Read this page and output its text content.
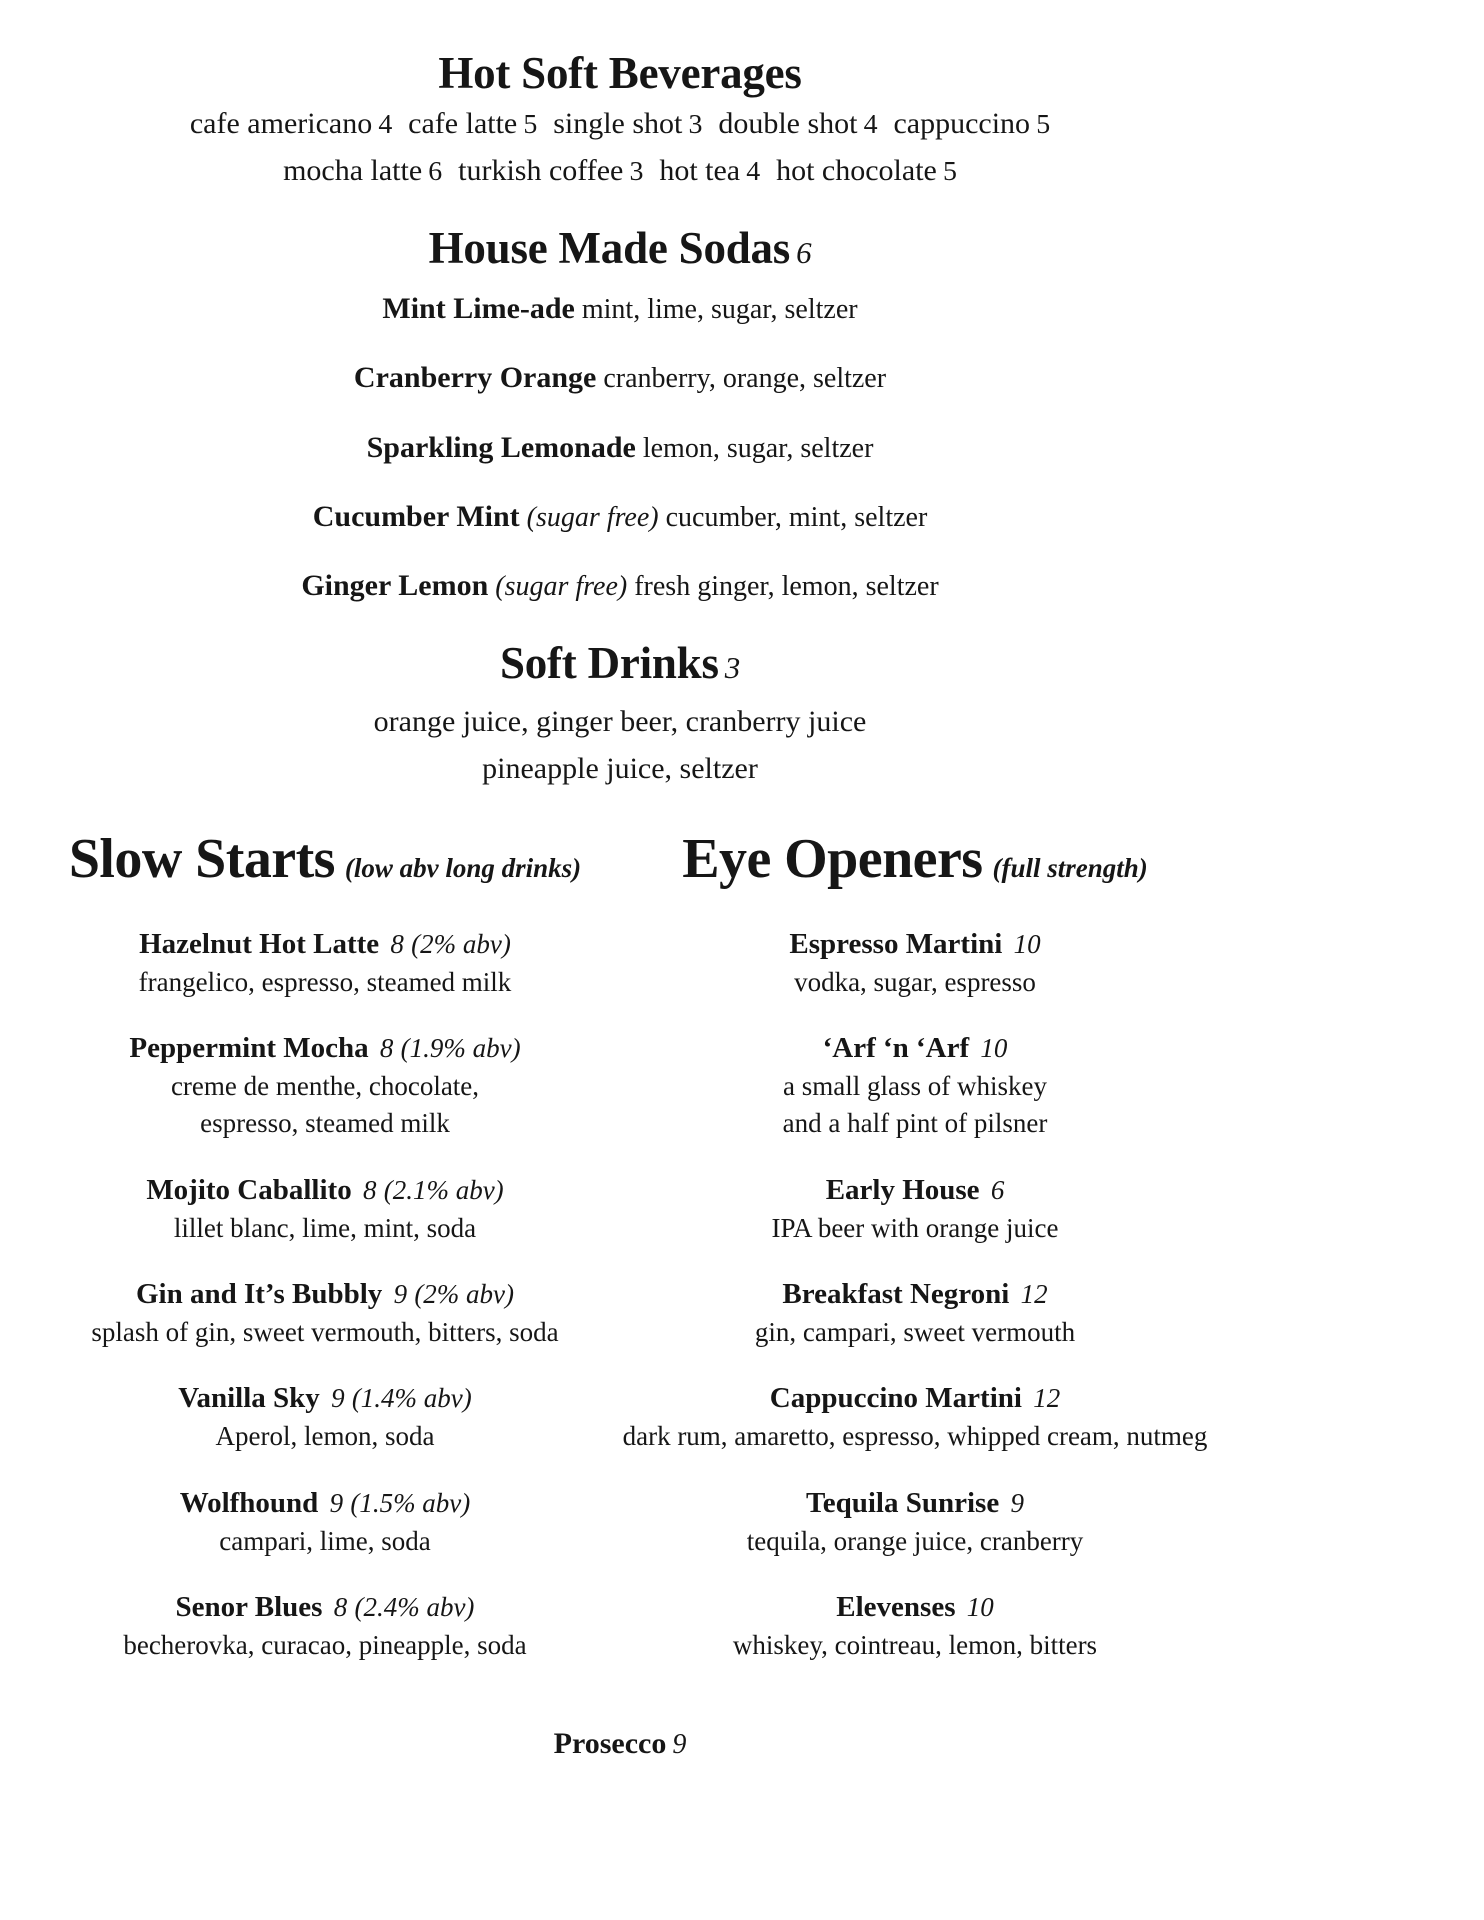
Hot Soft Beverages

cafe americano 4 cafe latte 5 single shot 3 double shot 4 cappuccino 5

mocha latte 6 turkish coffee 3 hot tea 4 hot chocolate 5

House Made Sodas 6

Mint Lime-ade mint, lime, sugar, seltzer

Cranberry Orange cranberry, orange, seltzer

Sparkling Lemonade lemon, sugar, seltzer

Cucumber Mint (sugar free) cucumber, mint, seltzer

Ginger Lemon (sugar free) fresh ginger, lemon, seltzer

Soft Drinks 3

orange juice, ginger beer, cranberry juice

pineapple juice, seltzer

Slow Starts (low abv long drinks)

Hazelnut Hot Latte 8 (2% abv)

frangelico, espresso, steamed milk

Peppermint Mocha 8 (1.9% abv)

creme de menthe, chocolate,

espresso, steamed milk

Mojito Caballito 8 (2.1% abv)

lillet blanc, lime, mint, soda

Gin and It’s Bubbly 9 (2% abv)

splash of gin, sweet vermouth, bitters, soda

Vanilla Sky 9 (1.4% abv)

Aperol, lemon, soda

Wolfhound 9 (1.5% abv)

campari, lime, soda

Senor Blues 8 (2.4% abv)

becherovka, curacao, pineapple, soda

Eye Openers (full strength)

Espresso Martini 10

vodka, sugar, espresso

‘Arf ‘n ‘Arf 10

a small glass of whiskey

and a half pint of pilsner

Early House 6

IPA beer with orange juice

Breakfast Negroni 12

gin, campari, sweet vermouth

Cappuccino Martini 12

dark rum, amaretto, espresso, whipped cream, nutmeg

Tequila Sunrise 9

tequila, orange juice, cranberry

Elevenses 10

whiskey, cointreau, lemon, bitters

Prosecco 9
